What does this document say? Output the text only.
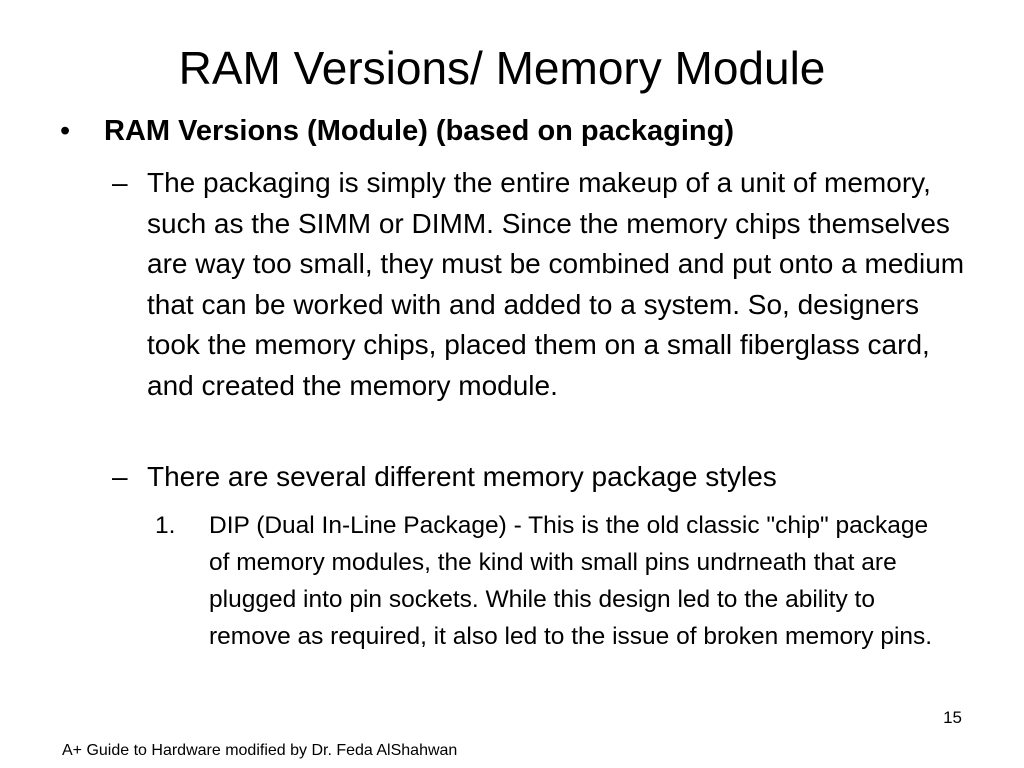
RAM Versions/ Memory Module
• RAM Versions (Module) (based on packaging)
– The packaging is simply the entire makeup of a unit of memory, such as the SIMM or DIMM. Since the memory chips themselves are way too small, they must be combined and put onto a medium that can be worked with and added to a system. So, designers took the memory chips, placed them on a small fiberglass card, and created the memory module.
– There are several different memory package styles
1. DIP (Dual In-Line Package) - This is the old classic "chip" package of memory modules, the kind with small pins undrneath that are plugged into pin sockets. While this design led to the ability to remove as required, it also led to the issue of broken memory pins.
15
A+ Guide to Hardware modified by Dr. Feda AlShahwan
